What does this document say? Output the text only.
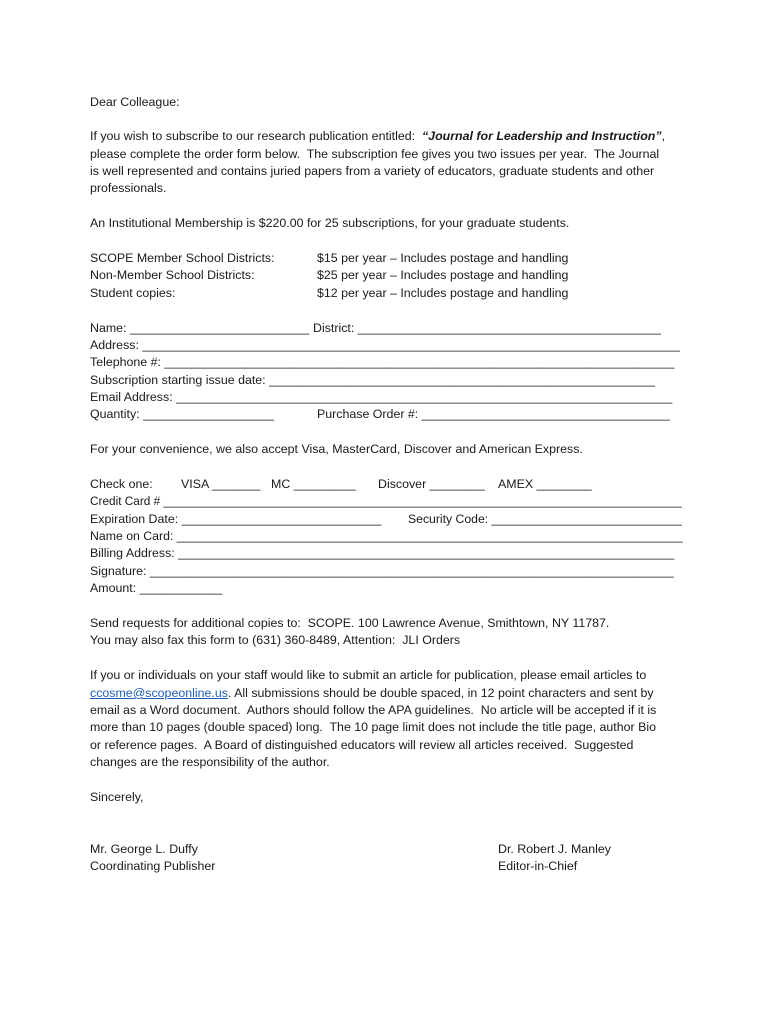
Dear Colleague:
If you wish to subscribe to our research publication entitled:  “Journal for Leadership and Instruction”,
please complete the order form below.  The subscription fee gives you two issues per year.  The Journal
is well represented and contains juried papers from a variety of educators, graduate students and other
professionals.
An Institutional Membership is $220.00 for 25 subscriptions, for your graduate students.
SCOPE Member School Districts:	$15 per year – Includes postage and handling
Non-Member School Districts:	$25 per year – Includes postage and handling
Student copies:	$12 per year – Includes postage and handling
Name: __________________________ District: ____________________________________________
Address: ______________________________________________________________________________
Telephone #: __________________________________________________________________________
Subscription starting issue date: ________________________________________________________
Email Address: ________________________________________________________________________
Quantity: ___________________	Purchase Order #: ____________________________________
For your convenience, we also accept Visa, MasterCard, Discover and American Express.
Check one: VISA _______ MC _________ Discover ________ AMEX ________
Credit Card # _______________________________________________________________________________
Expiration Date: _____________________________ Security Code: ____________________________
Name on Card: __________________________________________________________________________
Billing Address: ________________________________________________________________________
Signature: ____________________________________________________________________________
Amount: ____________
Send requests for additional copies to:  SCOPE. 100 Lawrence Avenue, Smithtown, NY 11787.
You may also fax this form to (631) 360-8489, Attention:  JLI Orders
If you or individuals on your staff would like to submit an article for publication, please email articles to
ccosme@scopeonline.us. All submissions should be double spaced, in 12 point characters and sent by
email as a Word document.  Authors should follow the APA guidelines.  No article will be accepted if it is
more than 10 pages (double spaced) long.  The 10 page limit does not include the title page, author Bio
or reference pages.  A Board of distinguished educators will review all articles received.  Suggested
changes are the responsibility of the author.
Sincerely,
Mr. George L. Duffy
Coordinating Publisher
Dr. Robert J. Manley
Editor-in-Chief
